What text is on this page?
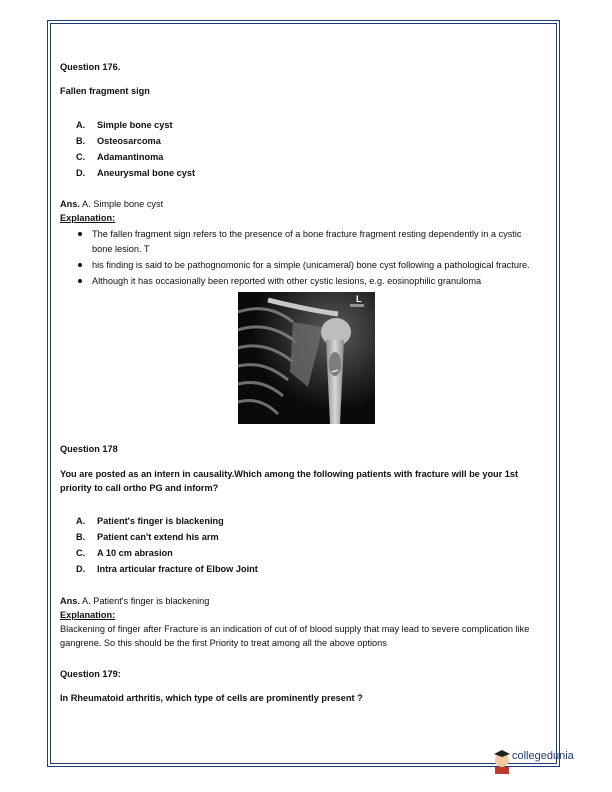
Question 176.

Fallen fragment sign

A. Simple bone cyst
B. Osteosarcoma
C. Adamantinoma
D. Aneurysmal bone cyst

Ans. A. Simple bone cyst

Explanation:

The fallen fragment sign refers to the presence of a bone fracture fragment resting dependently in a cystic bone lesion. T
his finding is said to be pathognomonic for a simple (unicameral) bone cyst following a pathological fracture.
Although it has occasionally been reported with other cystic lesions, e.g. eosinophilic granuloma
L

Question 178

You are posted as an intern in causality.Which among the following patients with fracture will be your 1st priority to call ortho PG and inform?

A. Patient's finger is blackening
B. Patient can't extend his arm
C. A 10 cm abrasion
D. Intra articular fracture of Elbow Joint

Ans. A. Patient's finger is blackening

Explanation:

Blackening of finger after Fracture is an indication of cut of of blood supply that may lead to severe complication like gangrene. So this should be the first Priority to treat among all the above options

Question 179:

In Rheumatoid arthritis, which type of cells are prominently present ?

collegedunia
